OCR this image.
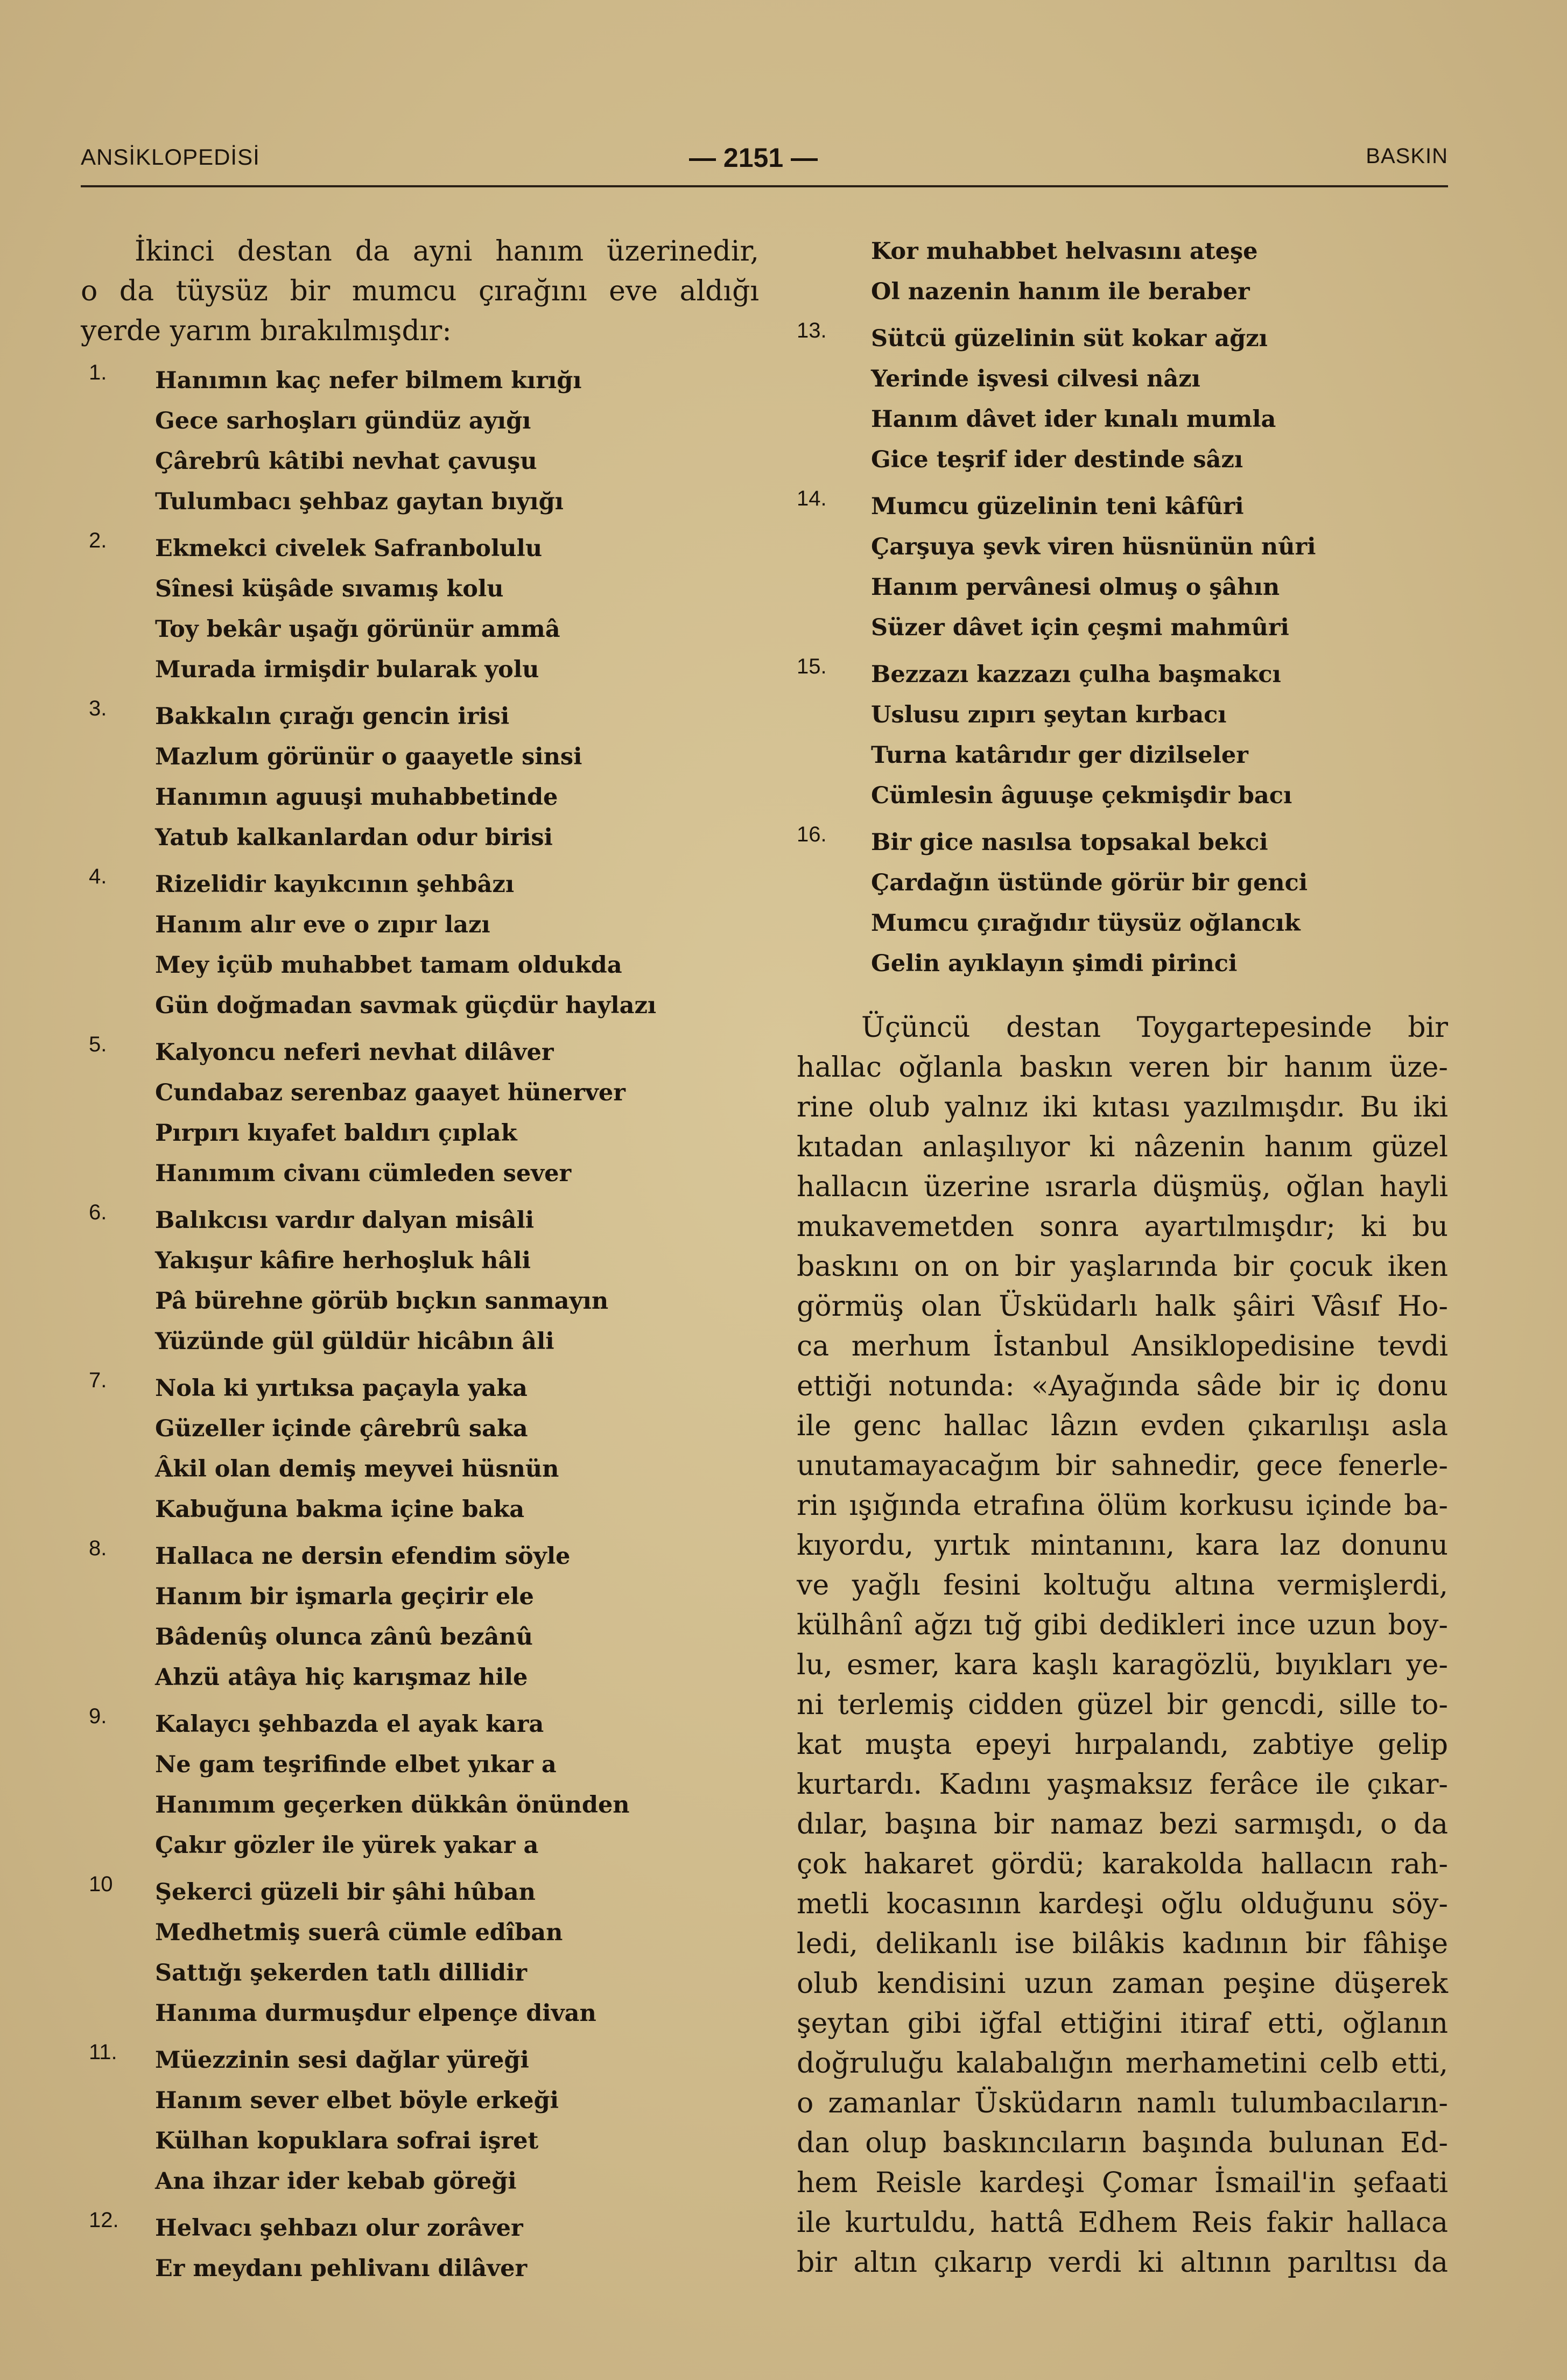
ANSİKLOPEDİSİ	— 2151 —	BASKIN
İkinci destan da ayni hanım üzerinedir,
o da tüysüz bir mumcu çırağını eve aldığı
yerde yarım bırakılmışdır:
1. Hanımın kaç nefer bilmem kırığı
Gece sarhoşları gündüz ayığı
Çârebrû kâtibi nevhat çavuşu
Tulumbacı şehbaz gaytan bıyığı
2. Ekmekci civelek Safranbolulu
Sînesi küşâde sıvamış kolu
Toy bekâr uşağı görünür ammâ
Murada irmişdir bularak yolu
3. Bakkalın çırağı gencin irisi
Mazlum görünür o gaayetle sinsi
Hanımın aguuşi muhabbetinde
Yatub kalkanlardan odur birisi
4. Rizelidir kayıkcının şehbâzı
Hanım alır eve o zıpır lazı
Mey içüb muhabbet tamam oldukda
Gün doğmadan savmak güçdür haylazı
5. Kalyoncu neferi nevhat dilâver
Cundabaz serenbaz gaayet hünerver
Pırpırı kıyafet baldırı çıplak
Hanımım civanı cümleden sever
6. Balıkcısı vardır dalyan misâli
Yakışur kâfire herhoşluk hâli
Pâ bürehne görüb bıçkın sanmayın
Yüzünde gül güldür hicâbın âli
7. Nola ki yırtıksa paçayla yaka
Güzeller içinde çârebrû saka
Âkil olan demiş meyvei hüsnün
Kabuğuna bakma içine baka
8. Hallaca ne dersin efendim söyle
Hanım bir işmarla geçirir ele
Bâdenûş olunca zânû bezânû
Ahzü atâya hiç karışmaz hile
9. Kalaycı şehbazda el ayak kara
Ne gam teşrifinde elbet yıkar a
Hanımım geçerken dükkân önünden
Çakır gözler ile yürek yakar a
10 Şekerci güzeli bir şâhi hûban
Medhetmiş suerâ cümle edîban
Sattığı şekerden tatlı dillidir
Hanıma durmuşdur elpençe divan
11. Müezzinin sesi dağlar yüreği
Hanım sever elbet böyle erkeği
Külhan kopuklara sofrai işret
Ana ihzar ider kebab göreği
12. Helvacı şehbazı olur zorâver
Er meydanı pehlivanı dilâver
Kor muhabbet helvasını ateşe
Ol nazenin hanım ile beraber
13. Sütcü güzelinin süt kokar ağzı
Yerinde işvesi cilvesi nâzı
Hanım dâvet ider kınalı mumla
Gice teşrif ider destinde sâzı
14. Mumcu güzelinin teni kâfûri
Çarşuya şevk viren hüsnünün nûri
Hanım pervânesi olmuş o şâhın
Süzer dâvet için çeşmi mahmûri
15. Bezzazı kazzazı çulha başmakcı
Uslusu zıpırı şeytan kırbacı
Turna katârıdır ger dizilseler
Cümlesin âguuşe çekmişdir bacı
16. Bir gice nasılsa topsakal bekci
Çardağın üstünde görür bir genci
Mumcu çırağıdır tüysüz oğlancık
Gelin ayıklayın şimdi pirinci
Üçüncü destan Toygartepesinde bir
hallac oğlanla baskın veren bir hanım üze-
rine olub yalnız iki kıtası yazılmışdır. Bu iki
kıtadan anlaşılıyor ki nâzenin hanım güzel
hallacın üzerine ısrarla düşmüş, oğlan hayli
mukavemetden sonra ayartılmışdır; ki bu
baskını on on bir yaşlarında bir çocuk iken
görmüş olan Üsküdarlı halk şâiri Vâsıf Ho-
ca merhum İstanbul Ansiklopedisine tevdi
ettiği notunda: «Ayağında sâde bir iç donu
ile genc hallac lâzın evden çıkarılışı asla
unutamayacağım bir sahnedir, gece fenerle-
rin ışığında etrafına ölüm korkusu içinde ba-
kıyordu, yırtık mintanını, kara laz donunu
ve yağlı fesini koltuğu altına vermişlerdi,
külhânî ağzı tığ gibi dedikleri ince uzun boy-
lu, esmer, kara kaşlı karagözlü, bıyıkları ye-
ni terlemiş cidden güzel bir gencdi, sille to-
kat muşta epeyi hırpalandı, zabtiye gelip
kurtardı. Kadını yaşmaksız ferâce ile çıkar-
dılar, başına bir namaz bezi sarmışdı, o da
çok hakaret gördü; karakolda hallacın rah-
metli kocasının kardeşi oğlu olduğunu söy-
ledi, delikanlı ise bilâkis kadının bir fâhişe
olub kendisini uzun zaman peşine düşerek
şeytan gibi iğfal ettiğini itiraf etti, oğlanın
doğruluğu kalabalığın merhametini celb etti,
o zamanlar Üsküdarın namlı tulumbacıların-
dan olup baskıncıların başında bulunan Ed-
hem Reisle kardeşi Çomar İsmail'in şefaati
ile kurtuldu, hattâ Edhem Reis fakir hallaca
bir altın çıkarıp verdi ki altının parıltısı da
